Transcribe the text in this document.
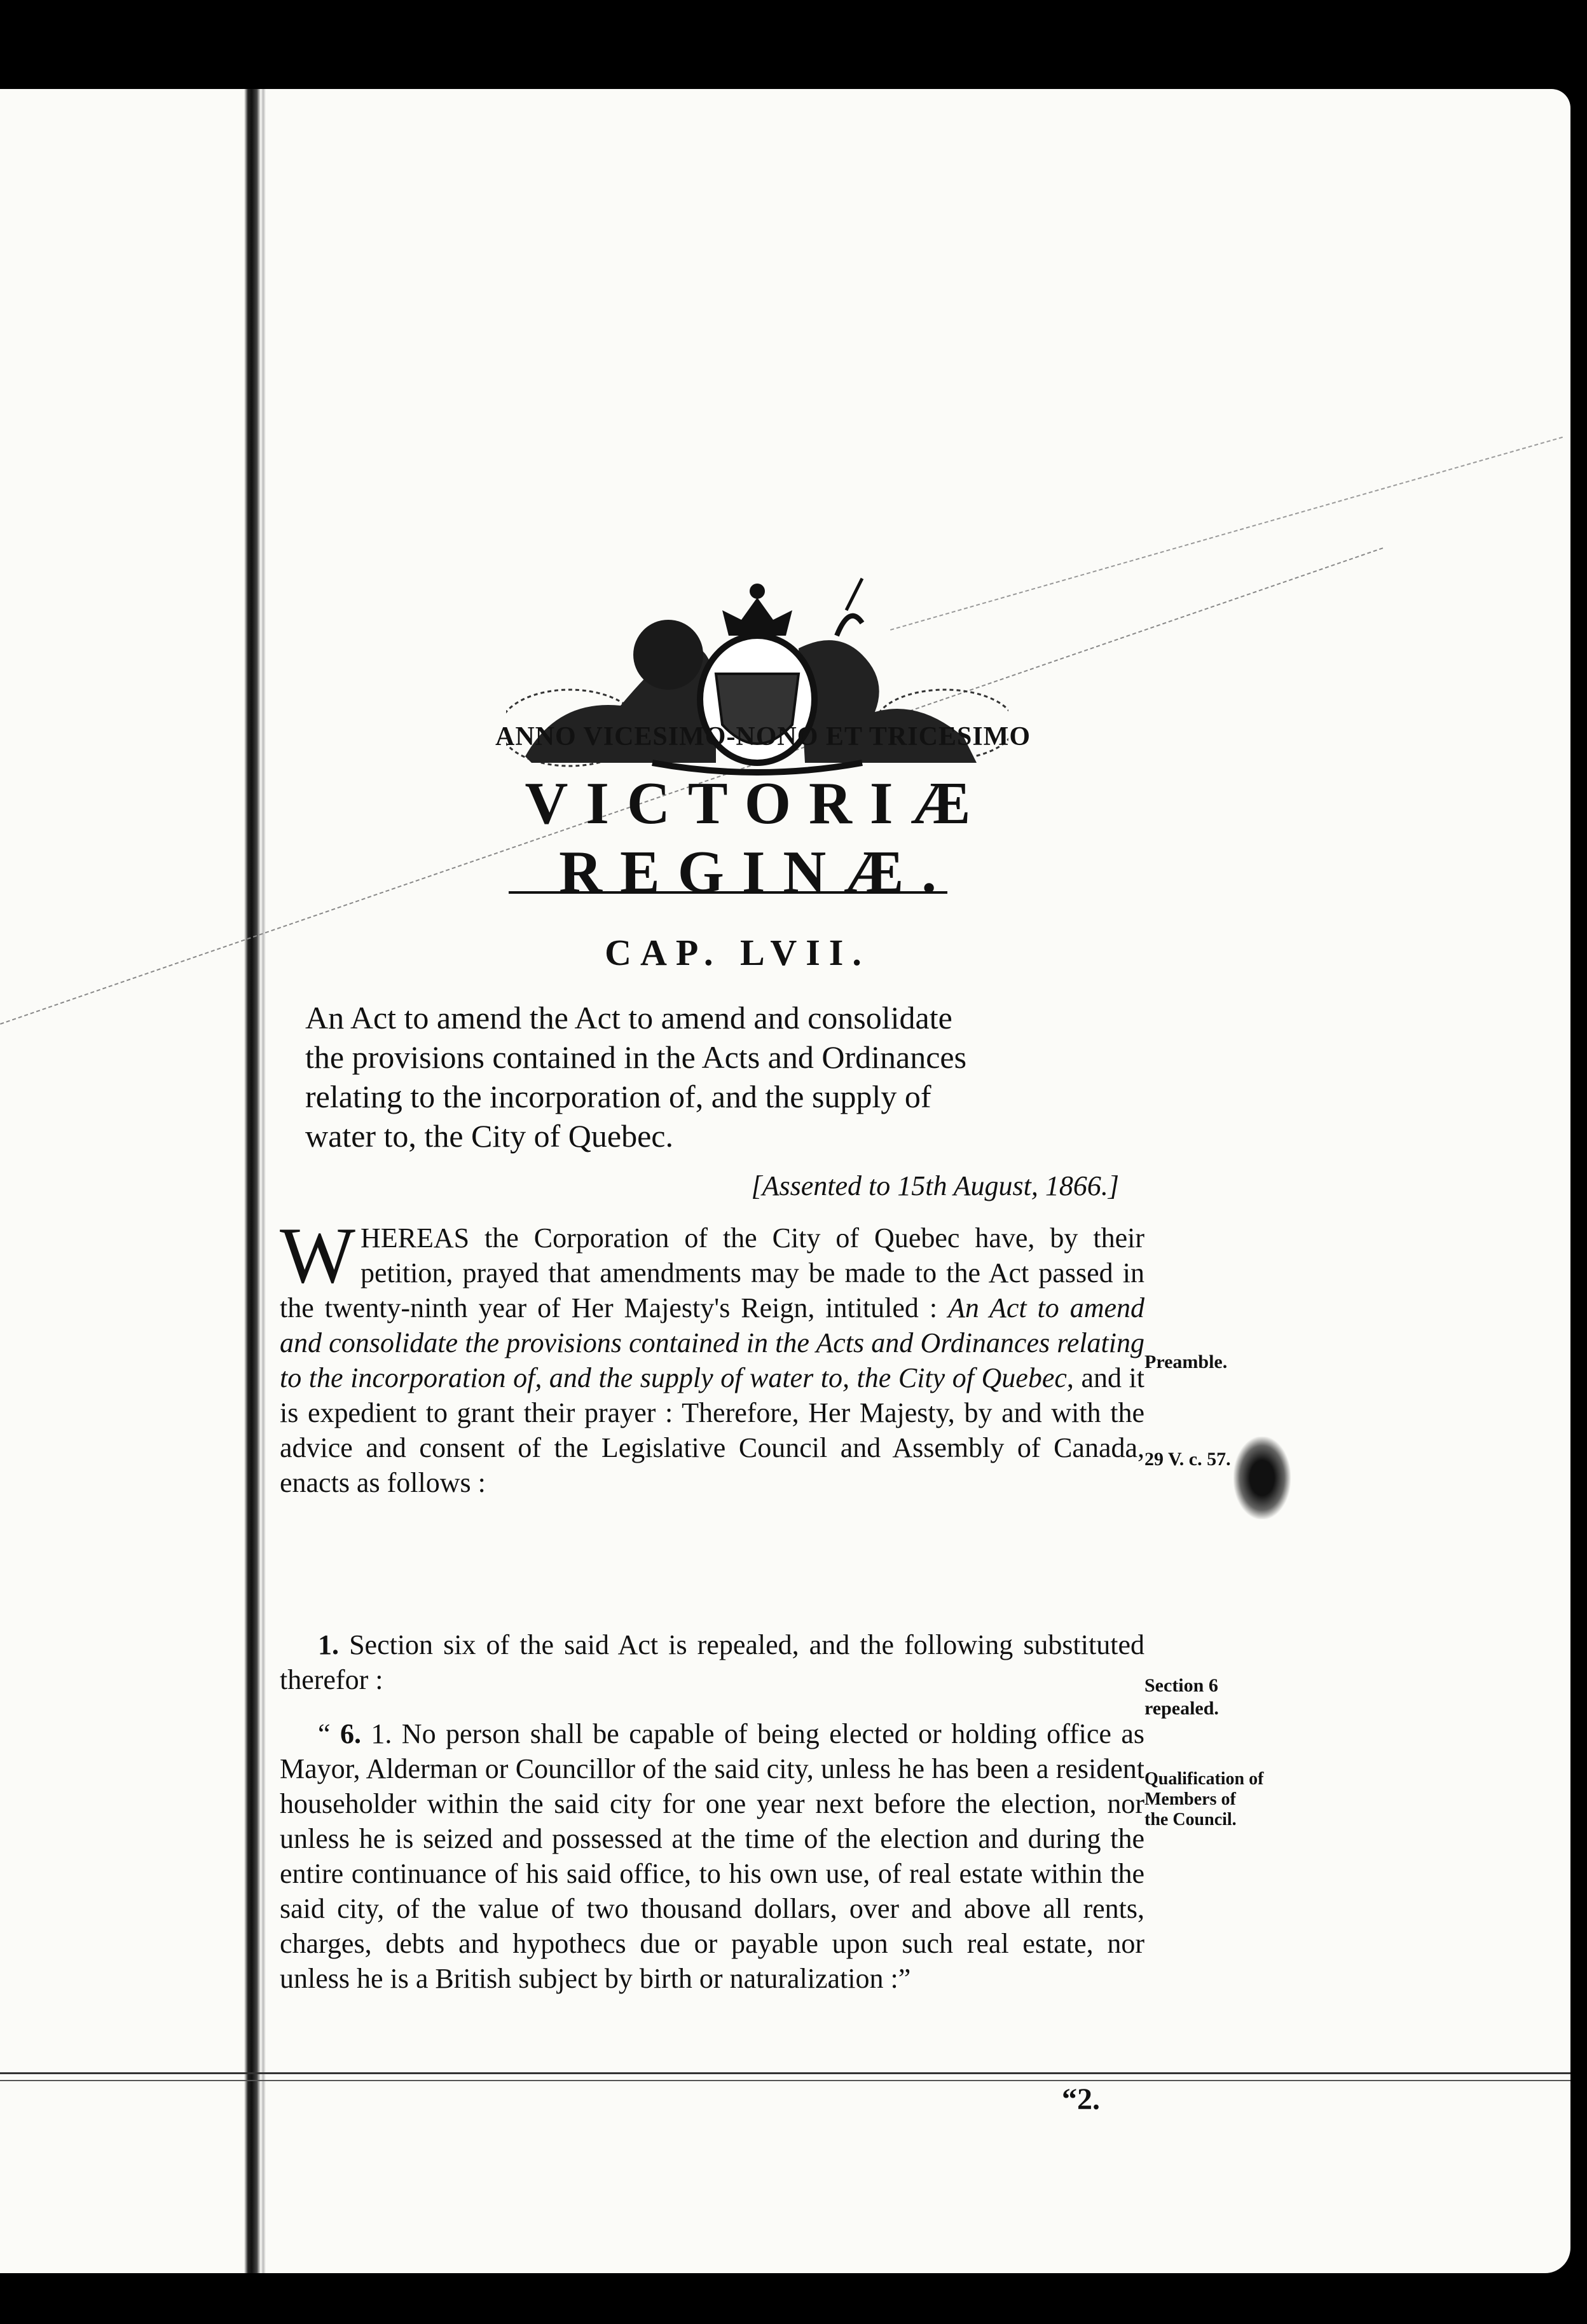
ANNO VICESIMO-NONO ET TRICESIMO
VICTORIÆ REGINÆ.
CAP. LVII.
An Act to amend the Act to amend and consolidate
the provisions contained in the Acts and Ordinances
relating to the incorporation of, and the supply of
water to, the City of Quebec.
[Assented to 15th August, 1866.]
WHEREAS the Corporation of the City of Quebec have, by their petition, prayed that amendments may be made to the Act passed in the twenty-ninth year of Her Majesty's Reign, intituled : An Act to amend and consolidate the provisions contained in the Acts and Ordinances relating to the incorporation of, and the supply of water to, the City of Quebec, and it is expedient to grant their prayer : Therefore, Her Majesty, by and with the advice and consent of the Legislative Council and Assembly of Canada, enacts as follows :
1. Section six of the said Act is repealed, and the following substituted therefor :
“ 6. 1. No person shall be capable of being elected or holding office as Mayor, Alderman or Councillor of the said city, unless he has been a resident householder within the said city for one year next before the election, nor unless he is seized and possessed at the time of the election and during the entire continuance of his said office, to his own use, of real estate within the said city, of the value of two thousand dollars, over and above all rents, charges, debts and hypothecs due or payable upon such real estate, nor unless he is a British subject by birth or naturalization :”
Preamble.
29 V. c. 57.
Section 6
repealed.
Qualification of
Members of
the Council.
“2.
